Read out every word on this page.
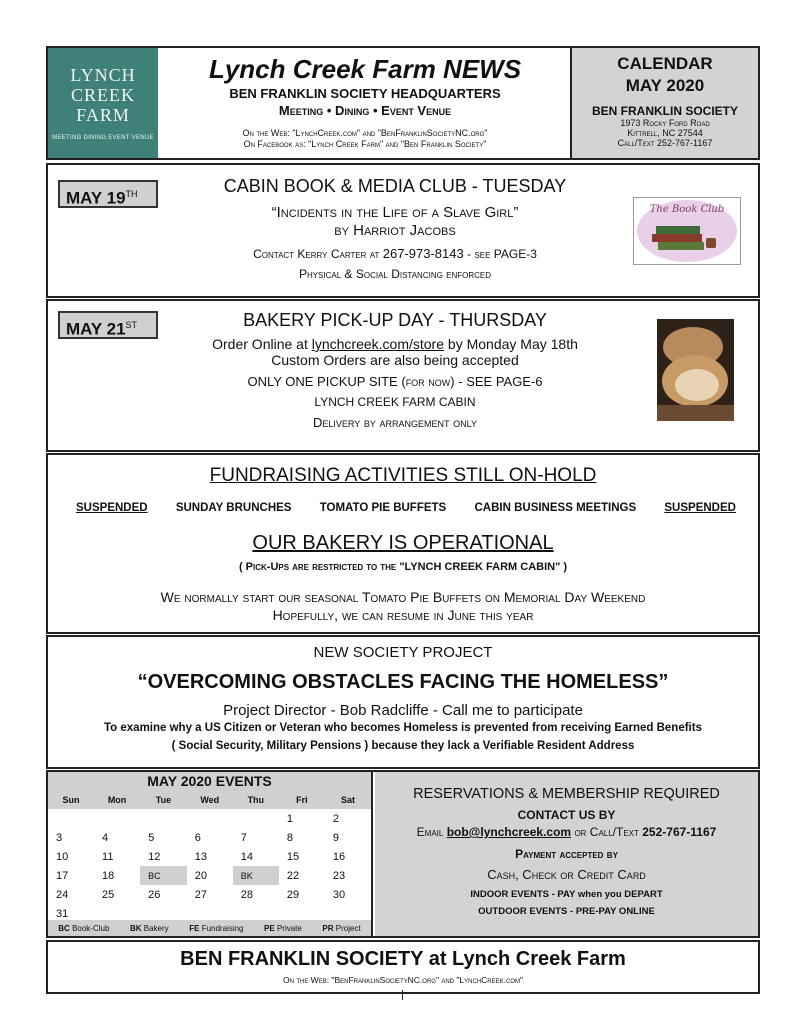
LYNCH
CREEK
FARM
MEETING DINING EVENT VENUE
Lynch Creek Farm NEWS
BEN FRANKLIN SOCIETY HEADQUARTERS
Meeting • Dining • Event Venue
On the Web: "LynchCreek.com" and "BenFranklinSocietyNC.org"
On Facebook as: "Lynch Creek Farm" and "Ben Franklin Society"
CALENDAR
MAY 2020
BEN FRANKLIN SOCIETY
1973 Rocky Ford Road
Kittrell, NC 27544
Call/Text 252-767-1167
MAY 19TH	CABIN BOOK & MEDIA CLUB - TUESDAY
“Incidents in the Life of a Slave Girl”
by Harriot Jacobs
Contact Kerry Carter at 267-973-8143 - see PAGE-3
Physical & Social Distancing enforced
The Book Club
MAY 21ST	BAKERY PICK-UP DAY - THURSDAY
Order Online at lynchcreek.com/store by Monday May 18th
Custom Orders are also being accepted
ONLY ONE PICKUP SITE (for now) - SEE PAGE-6
LYNCH CREEK FARM CABIN
Delivery by arrangement only
FUNDRAISING ACTIVITIES STILL ON-HOLD
SUSPENDED SUNDAY BRUNCHES TOMATO PIE BUFFETS CABIN BUSINESS MEETINGS SUSPENDED
OUR BAKERY IS OPERATIONAL
( Pick-Ups are restricted to the "LYNCH CREEK FARM CABIN" )
We normally start our seasonal Tomato Pie Buffets on Memorial Day Weekend
Hopefully, we can resume in June this year
NEW SOCIETY PROJECT
“OVERCOMING OBSTACLES FACING THE HOMELESS”
Project Director - Bob Radcliffe - Call me to participate
To examine why a US Citizen or Veteran who becomes Homeless is prevented from receiving Earned Benefits
( Social Security, Military Pensions ) because they lack a Verifiable Resident Address
MAY 2020 EVENTS
Sun	Mon	Tue	Wed	Thu	Fri	Sat
					1	2
3	4	5	6	7	8	9
10	11	12	13	14	15	16
17	18	BC	20	BK	22	23
24	25	26	27	28	29	30
31						
BC Book-Club	BK Bakery	FE Fundraising	PE Private	PR Project
RESERVATIONS & MEMBERSHIP REQUIRED
CONTACT US BY
Email bob@lynchcreek.com or Call/Text 252-767-1167
Payment accepted by
Cash, Check or Credit Card
INDOOR EVENTS - PAY when you DEPART
OUTDOOR EVENTS - PRE-PAY ONLINE
BEN FRANKLIN SOCIETY at Lynch Creek Farm
On the Web: "BenFranklinSocietyNC.org" and "LynchCreek.com"
